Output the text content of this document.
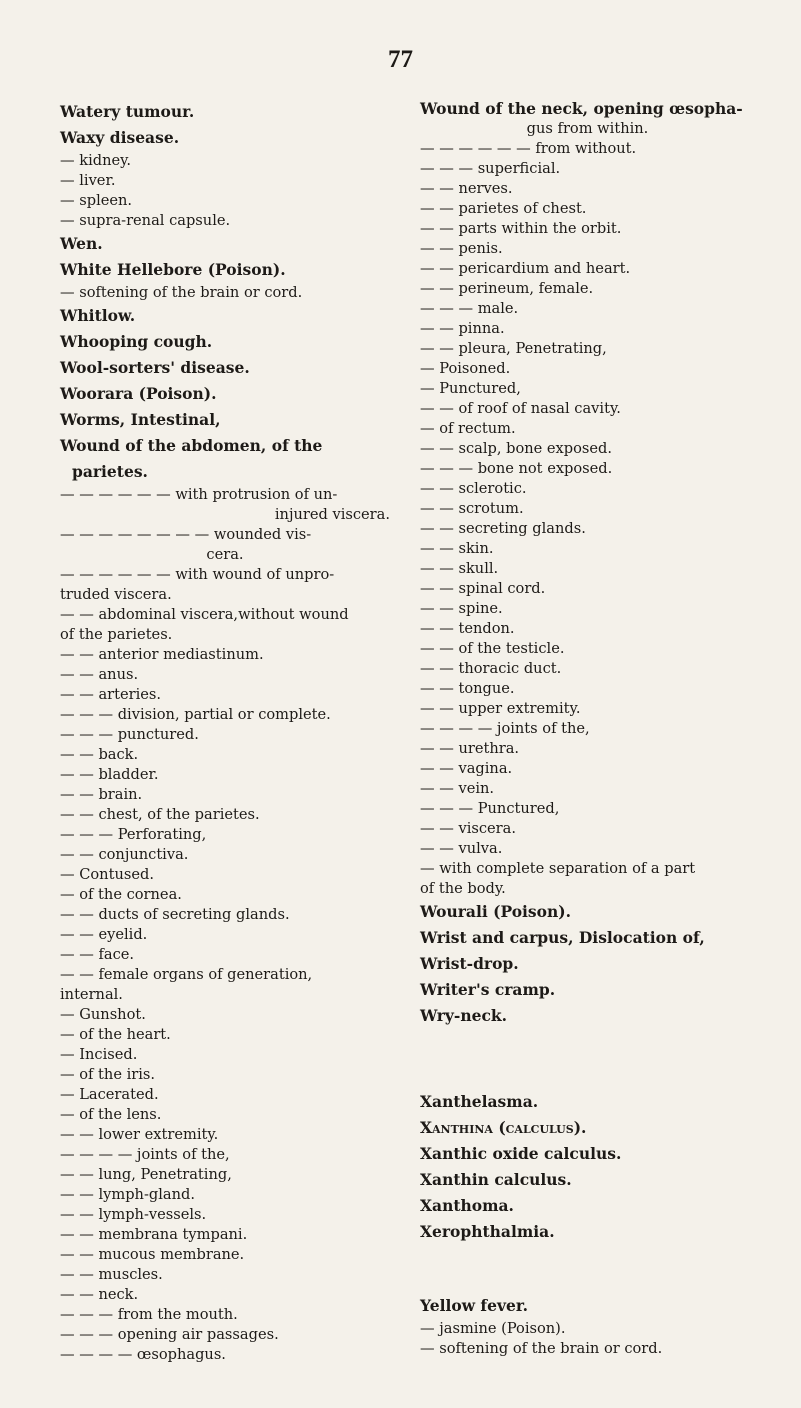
77
Watery tumour.
Waxy disease.
— kidney.
— liver.
— spleen.
— supra-renal capsule.
Wen.
White Hellebore (Poison).
— softening of the brain or cord.
Whitlow.
Whooping cough.
Wool-sorters' disease.
Woorara (Poison).
Worms, Intestinal,
Wound of the abdomen, of the parietes.
— — — — — — with protrusion of un-
injured viscera.
— — — — — — — — wounded vis-
cera.
— — — — — — with wound of unpro-
truded viscera.
— — abdominal viscera,without wound
of the parietes.
— — anterior mediastinum.
— — anus.
— — arteries.
— — — division, partial or complete.
— — — punctured.
— — back.
— — bladder.
— — brain.
— — chest, of the parietes.
— — — Perforating,
— — conjunctiva.
— Contused.
— of the cornea.
— — ducts of secreting glands.
— — eyelid.
— — face.
— — female organs of generation,
internal.
— Gunshot.
— of the heart.
— Incised.
— of the iris.
— Lacerated.
— of the lens.
— — lower extremity.
— — — — joints of the,
— — lung, Penetrating,
— — lymph-gland.
— — lymph-vessels.
— — membrana tympani.
— — mucous membrane.
— — muscles.
— — neck.
— — — from the mouth.
— — — opening air passages.
— — — — œsophagus.
Wound of the neck, opening œsopha-
gus from within.
— — — — — — from without.
— — — superficial.
— — nerves.
— — parietes of chest.
— — parts within the orbit.
— — penis.
— — pericardium and heart.
— — perineum, female.
— — — male.
— — pinna.
— — pleura, Penetrating,
— Poisoned.
— Punctured,
— — of roof of nasal cavity.
— of rectum.
— — scalp, bone exposed.
— — — bone not exposed.
— — sclerotic.
— — scrotum.
— — secreting glands.
— — skin.
— — skull.
— — spinal cord.
— — spine.
— — tendon.
— — of the testicle.
— — thoracic duct.
— — tongue.
— — upper extremity.
— — — — joints of the,
— — urethra.
— — vagina.
— — vein.
— — — Punctured,
— — viscera.
— — vulva.
— with complete separation of a part
of the body.
Wourali (Poison).
Wrist and carpus, Dislocation of,
Wrist-drop.
Writer's cramp.
Wry-neck.
Xanthelasma.
Xanthina (calculus).
Xanthic oxide calculus.
Xanthin calculus.
Xanthoma.
Xerophthalmia.
Yellow fever.
— jasmine (Poison).
— softening of the brain or cord.
